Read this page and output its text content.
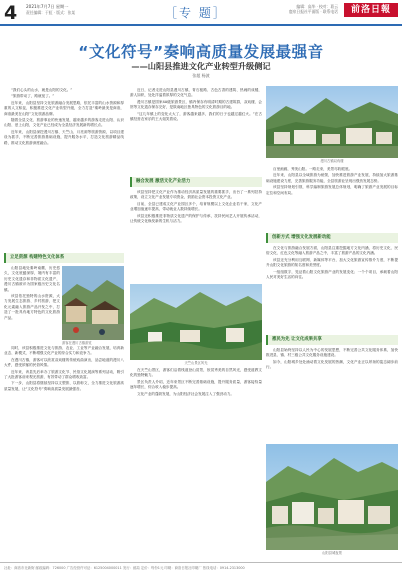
4 2021年7月7日 星期一
责任编辑：于虹 · 版式：张某	［专 题］	编辑：高华 · 校对：葛云
鹿泉日报社平面版 · 联系电话	前洛日報
“文化符号”奏响高质量发展最强音
——山阳县推进文化产业转型升级侧记
张超 杨波

“我们心头的山水，就是山阳的文化。”

“旅游带动了，路就宽了。”

近年来，山阳县坚持文化旅游融合发展思路，依托丰富的山水资源和厚重的人文积淀，积极推进文化产业转型升级，全力打造“秦岭最美是商洛，商洛最美在山阳”文化旅游品牌。

随着全县文化、旅游事业的快速发展，越来越多的游客走进山阳、认识山阳、爱上山阳，文化产业已经成为全县经济发展新的增长点。

近年来，山阳县深挖漫川古镇、天竺山、月亮洞等旅游资源，以项目建设为抓手，不断完善旅游基础设施，提升服务水平，打造文化旅游精品线路，推动文化旅游深度融合。

立足资源 构建特色文化体系

山阳县地处秦岭南麓，历史悠久，文化底蕴深厚，境内有丰富的历史文化遗存和非物质文化遗产，漫川古镇被评为国家级历史文化名镇。

该县依托独特的山水资源，大力发展生态旅游、乡村旅游，把文化元素融入旅游产品开发之中，打造了一批具有地方特色的文化旅游产品。

游客在漫川古镇游览

同时，该县积极推进文化与旅游、农业、工业等产业融合发展，培育新业态、新模式，不断增强文化产业的综合实力和竞争力。

在漫川古镇，游客可以欣赏双戏楼的传统戏曲演出，品尝地道的漫川八大件，感受浓郁的民俗风情。

近年来，该县先后举办了旅游文化节、民俗文化展演等系列活动，吸引了大批游客前来观光旅游，有效带动了群众增收致富。

下一步，山阳县将继续坚持以文塑旅、以旅彰文，全力推进文化旅游高质量发展，让“文化符号”奏响高质量发展最强音。

漫川古镇双戏楼

近日，记者走进山阳县漫川古镇，青石板路、古色古香的建筑、热闹的戏楼，游人如织，处处洋溢着浓厚的文化气息。

漫川古镇是国家4A级旅游景区，镇内保存有明清时期的古建筑群，双戏楼、会馆等文化遗存保存完好，是陕南地区独具特色的文化旅游目的地。

“这几年镇上的变化太大了，游客越来越多，我们的日子也越过越红火。”在古镇经营农家乐的王大姐笑着说。

融合发展 激活文化产业活力

该县坚持把文化产业作为推动经济高质量发展的重要抓手，出台了一系列扶持政策，设立文化产业发展专项资金，鼓励社会资本投资文化产业。

目前，全县已建成文化产业园区多个，培育规模以上文化企业若干家，文化产业增加值逐年提高，带动就业人数持续增长。

该县还积极推进非物质文化遗产的保护与传承，扶持民间艺人开展传承活动，让传统文化焕发新的生机与活力。

天竺山景区风光

在天竺山景区，游客们沿着栈道登山赏景，欣赏秀美的自然风光，感受道教文化的独特魅力。

景区负责人介绍，近年来景区不断完善基础设施，提升服务质量，游客接待量逐年增长，综合收入稳步提高。

文化产业的蓬勃发展，为山阳经济社会发展注入了强劲动力。

百里画廊，秀美山阳。一路走来，美景尽收眼底。

近年来，山阳县以全域旅游为统领，加快推进旅游产业发展，持续加大旅游基础设施建设力度，完善旅游服务功能，全县旅游业呈现出强劲发展态势。

该县坚持规划引领，科学编制旅游发展总体规划，明确了旅游产业发展的目标定位和空间布局。

创新方式 增强文化发展新动能

在文化与旅游融合发展方面，山阳县注重挖掘地方文化内涵，将历史文化、民俗文化、红色文化等融入旅游产品之中，丰富了旅游产品的文化内涵。

该县还充分利用互联网、新媒体等平台，加大文化旅游宣传推介力度，不断提升山阳文化旅游的知名度和美誉度。

一组组数字，见证着山阳文化旅游产业的发展变化；一个个项目，承载着山阳人民对美好生活的向往。

惠民为先 让文化成果共享

山阳县始终坚持以人民为中心的发展思想，不断完善公共文化服务体系，加快推进县、镇、村三级公共文化服务设施建设。

如今，山阳城乡处处涌动着文化发展的热潮，文化产业正以昂扬的姿态阔步前行。

山阳县城夜景
社址：商洛市北新街 邮政编码：726000 广告经营许可证：6125004000011 发行：邮局 定价：每份1元 印刷：商洛日报社印刷厂 热线电话：0914-2313000
